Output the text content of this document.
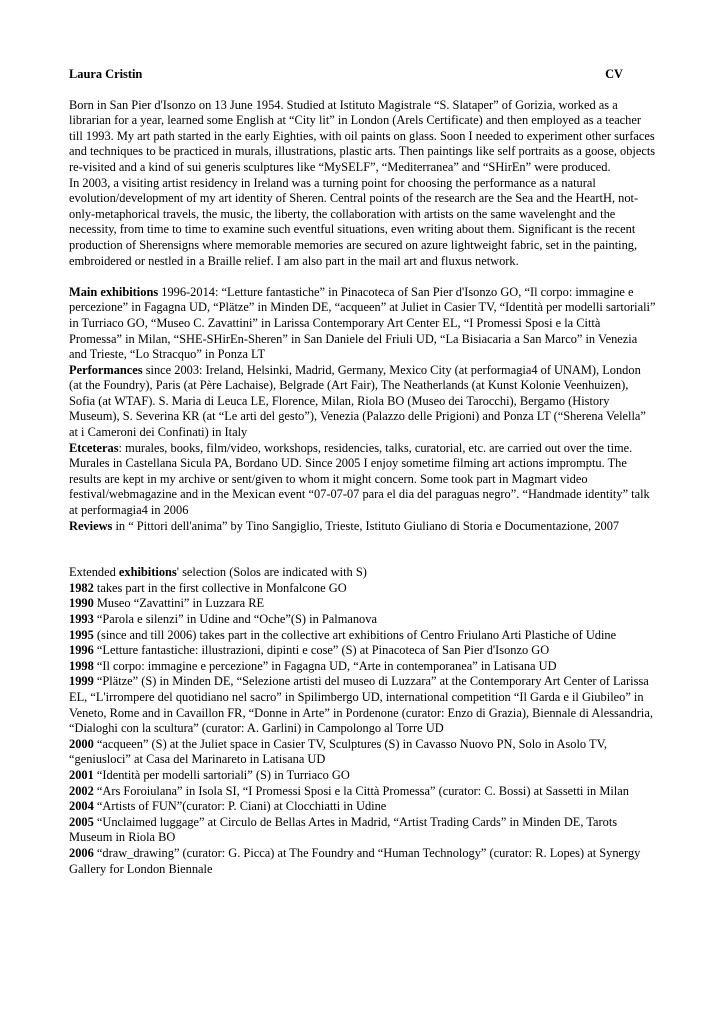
Laura Cristin	CV

Born in San Pier d'Isonzo on 13 June 1954. Studied at Istituto Magistrale “S. Slataper” of Gorizia, worked as a librarian for a year, learned some English at “City lit” in London (Arels Certificate) and then employed as a teacher till 1993. My art path started in the early Eighties, with oil paints on glass. Soon I needed to experiment other surfaces and techniques to be practiced in murals, illustrations, plastic arts. Then paintings like self portraits as a goose, objects re-visited and a kind of sui generis sculptures like “MySELF”, “Mediterranea” and “SHirEn” were produced.

In 2003, a visiting artist residency in Ireland was a turning point for choosing the performance as a natural evolution/development of my art identity of Sheren. Central points of the research are the Sea and the HeartH, not-only-metaphorical travels, the music, the liberty, the collaboration with artists on the same wavelenght and the necessity, from time to time to examine such eventful situations, even writing about them. Significant is the recent production of Sherensigns where memorable memories are secured on azure lightweight fabric, set in the painting, embroidered or nestled in a Braille relief. I am also part in the mail art and fluxus network.

Main exhibitions 1996-2014: “Letture fantastiche” in Pinacoteca of San Pier d'Isonzo GO, “Il corpo: immagine e percezione” in Fagagna UD, “Plätze” in Minden DE, “acqueen” at Juliet in Casier TV, “Identità per modelli sartoriali” in Turriaco GO, “Museo C. Zavattini” in Larissa Contemporary Art Center EL, “I Promessi Sposi e la Città Promessa” in Milan, “SHE-SHirEn-Sheren” in San Daniele del Friuli UD, “La Bisiacaria a San Marco” in Venezia and Trieste, “Lo Stracquo” in Ponza LT

Performances since 2003: Ireland, Helsinki, Madrid, Germany, Mexico City (at performagia4 of UNAM), London (at the Foundry), Paris (at Père Lachaise), Belgrade (Art Fair), The Neatherlands (at Kunst Kolonie Veenhuizen), Sofia (at WTAF). S. Maria di Leuca LE, Florence, Milan, Riola BO (Museo dei Tarocchi), Bergamo (History Museum), S. Severina KR (at “Le arti del gesto”), Venezia (Palazzo delle Prigioni) and Ponza LT (“Sherena Velella” at i Cameroni dei Confinati) in Italy

Etceteras: murales, books, film/video, workshops, residencies, talks, curatorial, etc. are carried out over the time. Murales in Castellana Sicula PA, Bordano UD. Since 2005 I enjoy sometime filming art actions impromptu. The results are kept in my archive or sent/given to whom it might concern. Some took part in Magmart video festival/webmagazine and in the Mexican event “07-07-07 para el dia del paraguas negro”. “Handmade identity” talk at performagia4 in 2006

Reviews in “ Pittori dell'anima” by Tino Sangiglio, Trieste, Istituto Giuliano di Storia e Documentazione, 2007

Extended exhibitions' selection (Solos are indicated with S)

1982 takes part in the first collective in Monfalcone GO

1990 Museo “Zavattini” in Luzzara RE

1993 “Parola e silenzi” in Udine and “Oche”(S) in Palmanova

1995 (since and till 2006) takes part in the collective art exhibitions of Centro Friulano Arti Plastiche of Udine

1996 “Letture fantastiche: illustrazioni, dipinti e cose” (S) at Pinacoteca of San Pier d'Isonzo GO

1998 “Il corpo: immagine e percezione” in Fagagna UD, “Arte in contemporanea” in Latisana UD

1999 “Plätze” (S) in Minden DE, “Selezione artisti del museo di Luzzara” at the Contemporary Art Center of Larissa EL, “L'irrompere del quotidiano nel sacro” in Spilimbergo UD, international competition “Il Garda e il Giubileo” in Veneto, Rome and in Cavaillon FR, “Donne in Arte” in Pordenone (curator: Enzo di Grazia), Biennale di Alessandria, “Dialoghi con la scultura” (curator: A. Garlini) in Campolongo al Torre UD

2000 “acqueen” (S) at the Juliet space in Casier TV, Sculptures (S) in Cavasso Nuovo PN, Solo in Asolo TV, “geniusloci” at Casa del Marinareto in Latisana UD

2001 “Identità per modelli sartoriali” (S) in Turriaco GO

2002 “Ars Foroiulana” in Isola SI, “I Promessi Sposi e la Città Promessa” (curator: C. Bossi) at Sassetti in Milan

2004 “Artists of FUN”(curator: P. Ciani) at Clocchiatti in Udine

2005 “Unclaimed luggage” at Circulo de Bellas Artes in Madrid, “Artist Trading Cards” in Minden DE, Tarots Museum in Riola BO

2006 “draw_drawing” (curator: G. Picca) at The Foundry and “Human Technology” (curator: R. Lopes) at Synergy Gallery for London Biennale
